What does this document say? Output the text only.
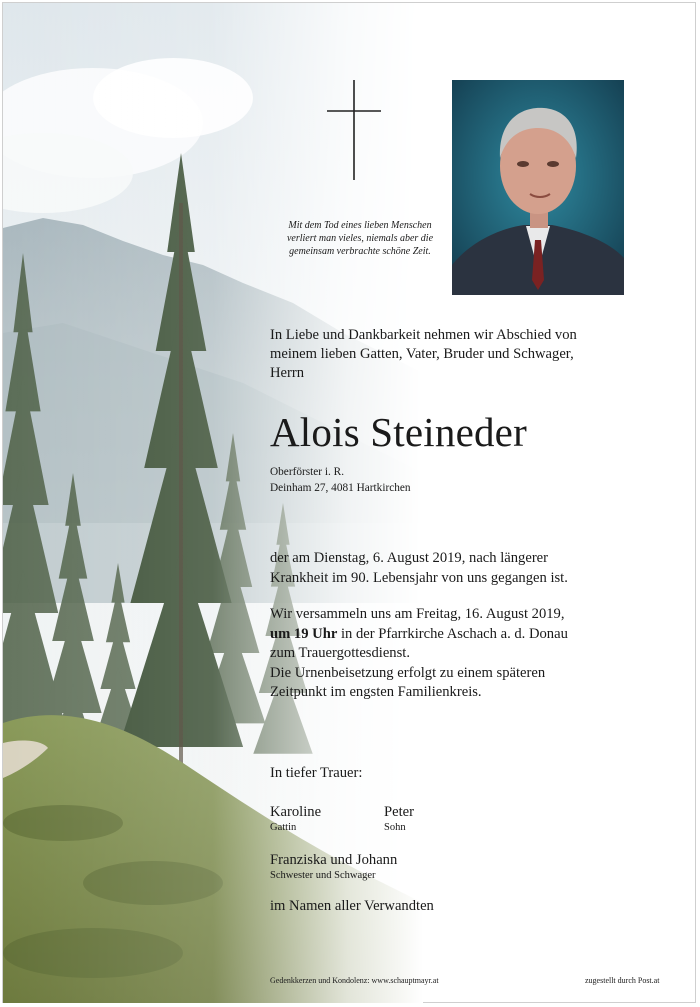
Mit dem Tod eines lieben Menschen
verliert man vieles, niemals aber die
gemeinsam verbrachte schöne Zeit.
In Liebe und Dankbarkeit nehmen wir Abschied von
meinem lieben Gatten, Vater, Bruder und Schwager,
Herrn
Alois Steineder
Oberförster i. R.
Deinham 27, 4081 Hartkirchen
der am Dienstag, 6. August 2019, nach längerer
Krankheit im 90. Lebensjahr von uns gegangen ist.
Wir versammeln uns am Freitag, 16. August 2019,
um 19 Uhr in der Pfarrkirche Aschach a. d. Donau
zum Trauergottesdienst.
Die Urnenbeisetzung erfolgt zu einem späteren
Zeitpunkt im engsten Familienkreis.
In tiefer Trauer:
Karoline
Gattin
Peter
Sohn
Franziska und Johann
Schwester und Schwager
im Namen aller Verwandten
Gedenkkerzen und Kondolenz: www.schauptmayr.at	zugestellt durch Post.at
